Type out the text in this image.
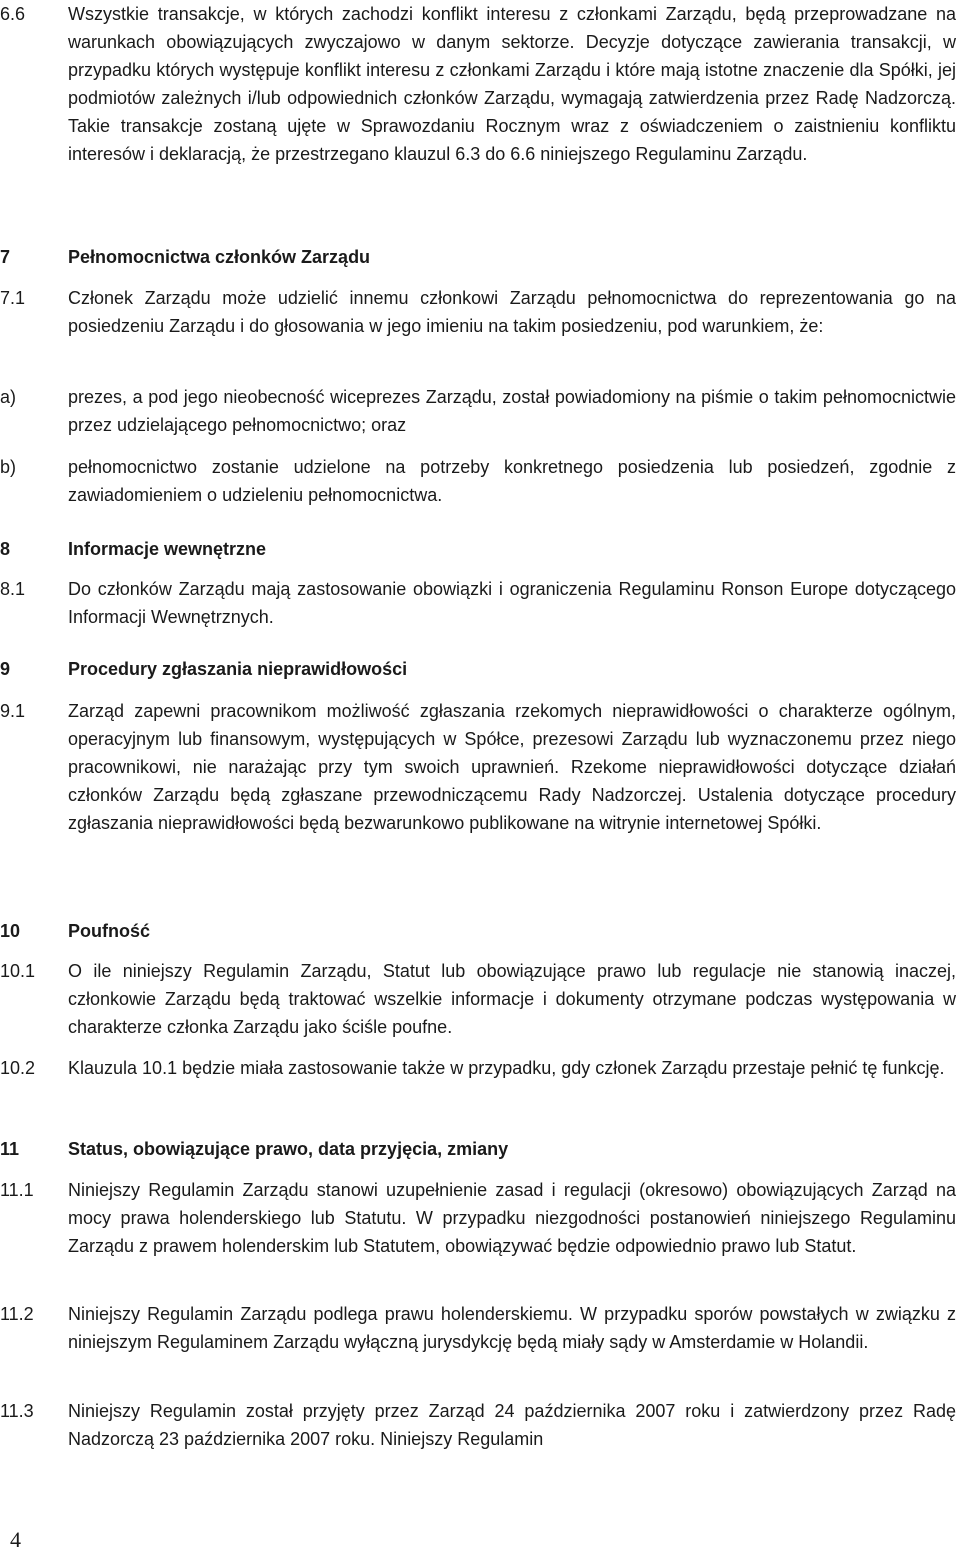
6.6	Wszystkie transakcje, w których zachodzi konflikt interesu z członkami Zarządu, będą przeprowadzane na warunkach obowiązujących zwyczajowo w danym sektorze. Decyzje dotyczące zawierania transakcji, w przypadku których występuje konflikt interesu z członkami Zarządu i które mają istotne znaczenie dla Spółki, jej podmiotów zależnych i/lub odpowiednich członków Zarządu, wymagają zatwierdzenia przez Radę Nadzorczą. Takie transakcje zostaną ujęte w Sprawozdaniu Rocznym wraz z oświadczeniem o zaistnieniu konfliktu interesów i deklaracją, że przestrzegano klauzul 6.3 do 6.6 niniejszego Regulaminu Zarządu.
7	Pełnomocnictwa członków Zarządu
7.1	Członek Zarządu może udzielić innemu członkowi Zarządu pełnomocnictwa do reprezentowania go na posiedzeniu Zarządu i do głosowania w jego imieniu na takim posiedzeniu, pod warunkiem, że:
a)	prezes, a pod jego nieobecność wiceprezes Zarządu, został powiadomiony na piśmie o takim pełnomocnictwie przez udzielającego pełnomocnictwo; oraz
b)	pełnomocnictwo zostanie udzielone na potrzeby konkretnego posiedzenia lub posiedzeń, zgodnie z zawiadomieniem o udzieleniu pełnomocnictwa.
8	Informacje wewnętrzne
8.1	Do członków Zarządu mają zastosowanie obowiązki i ograniczenia Regulaminu Ronson Europe dotyczącego Informacji Wewnętrznych.
9	Procedury zgłaszania nieprawidłowości
9.1	Zarząd zapewni pracownikom możliwość zgłaszania rzekomych nieprawidłowości o charakterze ogólnym, operacyjnym lub finansowym, występujących w Spółce, prezesowi Zarządu lub wyznaczonemu przez niego pracownikowi, nie narażając przy tym swoich uprawnień. Rzekome nieprawidłowości dotyczące działań członków Zarządu będą zgłaszane przewodniczącemu Rady Nadzorczej. Ustalenia dotyczące procedury zgłaszania nieprawidłowości będą bezwarunkowo publikowane na witrynie internetowej Spółki.
10	Poufność
10.1	O ile niniejszy Regulamin Zarządu, Statut lub obowiązujące prawo lub regulacje nie stanowią inaczej, członkowie Zarządu będą traktować wszelkie informacje i dokumenty otrzymane podczas występowania w charakterze członka Zarządu jako ściśle poufne.
10.2	Klauzula 10.1 będzie miała zastosowanie także w przypadku, gdy członek Zarządu przestaje pełnić tę funkcję.
11	Status, obowiązujące prawo, data przyjęcia, zmiany
11.1	Niniejszy Regulamin Zarządu stanowi uzupełnienie zasad i regulacji (okresowo) obowiązujących Zarząd na mocy prawa holenderskiego lub Statutu. W przypadku niezgodności postanowień niniejszego Regulaminu Zarządu z prawem holenderskim lub Statutem, obowiązywać będzie odpowiednio prawo lub Statut.
11.2	Niniejszy Regulamin Zarządu podlega prawu holenderskiemu. W przypadku sporów powstałych w związku z niniejszym Regulaminem Zarządu wyłączną jurysdykcję będą miały sądy w Amsterdamie w Holandii.
11.3	Niniejszy Regulamin został przyjęty przez Zarząd 24 października 2007 roku i zatwierdzony przez Radę Nadzorczą 23 października 2007 roku. Niniejszy Regulamin
4
